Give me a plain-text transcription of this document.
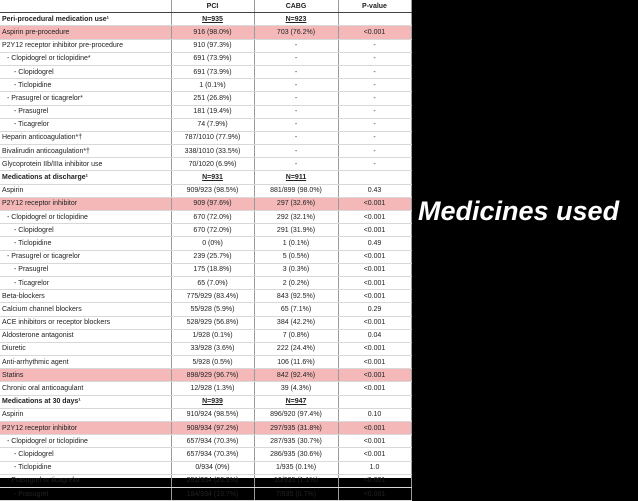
	PCI	CABG	P-value
Peri-procedural medication use¹	N=935	N=923	
Aspirin pre-procedure	916 (98.0%)	703 (76.2%)	<0.001
P2Y12 receptor inhibitor pre-procedure	910 (97.3%)	-	-
- Clopidogrel or ticlopidine*	691 (73.9%)	-	-
- Clopidogrel	691 (73.9%)	-	-
- Ticlopidine	1 (0.1%)	-	-
- Prasugrel or ticagrelor*	251 (26.8%)	-	-
- Prasugrel	181 (19.4%)	-	-
- Ticagrelor	74 (7.9%)	-	-
Heparin anticoagulation*†	787/1010 (77.9%)	-	-
Bivalirudin anticoagulation*†	338/1010 (33.5%)	-	-
Glycoprotein IIb/IIIa inhibitor use	70/1020 (6.9%)	-	-
Medications at discharge¹	N=931	N=911	
Aspirin	909/923 (98.5%)	881/899 (98.0%)	0.43
P2Y12 receptor inhibitor	909 (97.6%)	297 (32.6%)	<0.001
- Clopidogrel or ticlopidine	670 (72.0%)	292 (32.1%)	<0.001
- Clopidogrel	670 (72.0%)	291 (31.9%)	<0.001
- Ticlopidine	0 (0%)	1 (0.1%)	0.49
- Prasugrel or ticagrelor	239 (25.7%)	5 (0.5%)	<0.001
- Prasugrel	175 (18.8%)	3 (0.3%)	<0.001
- Ticagrelor	65 (7.0%)	2 (0.2%)	<0.001
Beta-blockers	775/929 (83.4%)	843 (92.5%)	<0.001
Calcium channel blockers	55/928 (5.9%)	65 (7.1%)	0.29
ACE inhibitors or receptor blockers	528/929 (56.8%)	384 (42.2%)	<0.001
Aldosterone antagonist	1/928 (0.1%)	7 (0.8%)	0.04
Diuretic	33/928 (3.6%)	222 (24.4%)	<0.001
Anti-arrhythmic agent	5/928 (0.5%)	106 (11.6%)	<0.001
Statins	898/929 (96.7%)	842 (92.4%)	<0.001
Chronic oral anticoagulant	12/928 (1.3%)	39 (4.3%)	<0.001
Medications at 30 days¹	N=939	N=947	
Aspirin	910/924 (98.5%)	896/920 (97.4%)	0.10
P2Y12 receptor inhibitor	908/934 (97.2%)	297/935 (31.8%)	<0.001
- Clopidogrel or ticlopidine	657/934 (70.3%)	287/935 (30.7%)	<0.001
- Clopidogrel	657/934 (70.3%)	286/935 (30.6%)	<0.001
- Ticlopidine	0/934 (0%)	1/935 (0.1%)	1.0
- Prasugrel or ticagrelor	251/934 (26.9%)	10/935 (1.1%)	<0.001
- Prasugrel	184/934 (19.7%)	7/935 (0.7%)	<0.001
Medicines used
